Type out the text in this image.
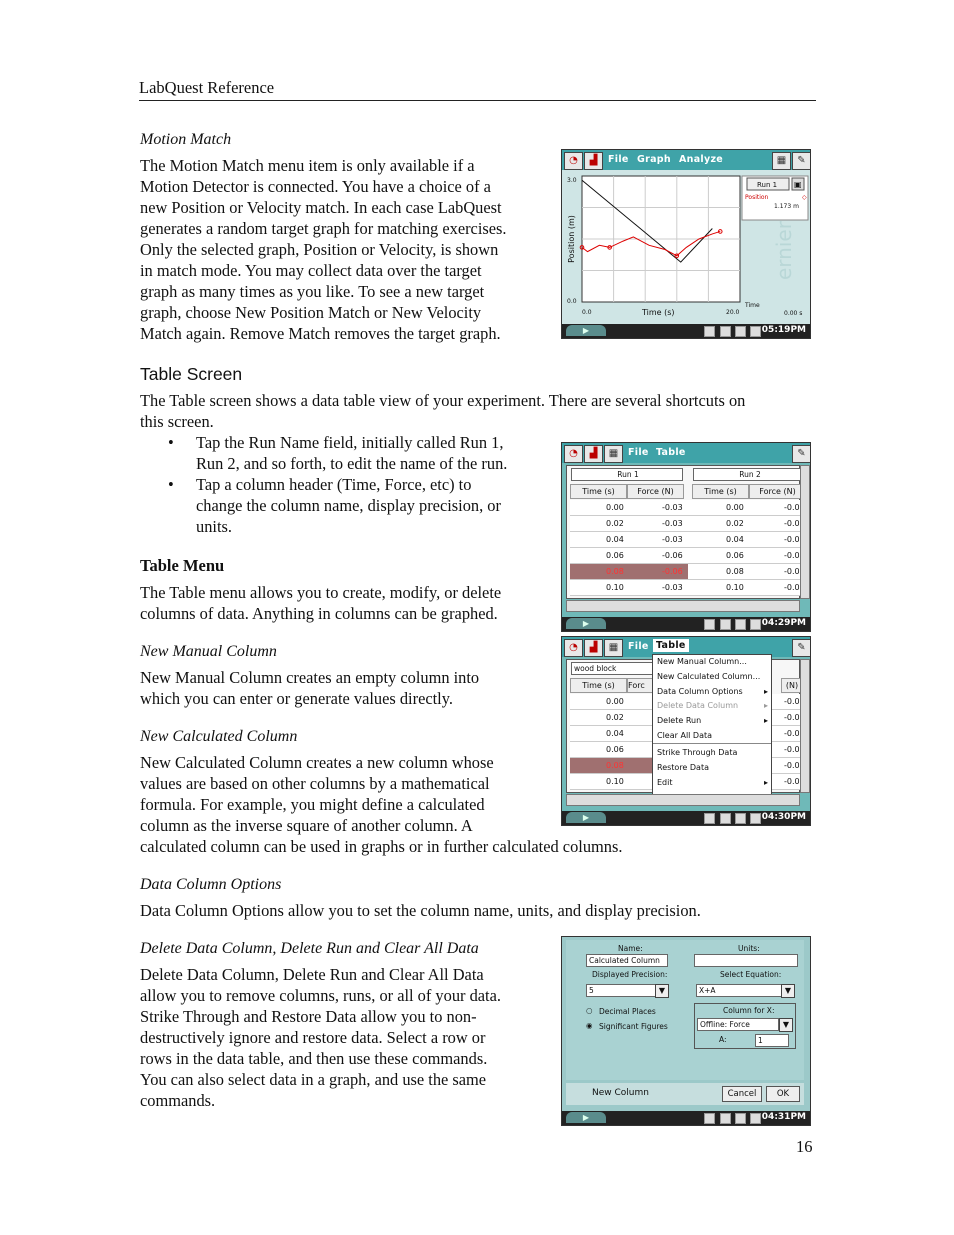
LabQuest Reference
Motion Match
The Motion Match menu item is only available if a
Motion Detector is connected. You have a choice of a
new Position or Velocity match. In each case LabQuest
generates a random target graph for matching exercises.
Only the selected graph, Position or Velocity, is shown
in match mode. You may collect data over the target
graph as many times as you like. To see a new target
graph, choose New Position Match or New Velocity
Match again. Remove Match removes the target graph.
◔	▟	File Graph Analyze	▦	✎
Position (m)
3.0
0.0
0.0	20.0
Time (s)
Run 1 ▣
Position	◇
1.173 m
ernier
Time
0.00 s
▶	05:19PM
Table Screen
The Table screen shows a data table view of your experiment. There are several shortcuts on
this screen.
• Tap the Run Name field, initially called Run 1,
Run 2, and so forth, to edit the name of the run.
• Tap a column header (Time, Force, etc) to
change the column name, display precision, or
units.
Table Menu
The Table menu allows you to create, modify, or delete
columns of data. Anything in columns can be graphed.
◔	▟	▦	File Table	✎
Run 1	Run 2
Time (s)	Force (N)	Time (s)	Force (N)
0.00	-0.03	0.00	-0.0
0.02	-0.03	0.02	-0.0
0.04	-0.03	0.04	-0.0
0.06	-0.06	0.06	-0.0
0.08	-0.06	0.08	-0.0
0.10	-0.03	0.10	-0.0
▶	04:29PM
New Manual Column
New Manual Column creates an empty column into
which you can enter or generate values directly.
New Calculated Column
New Calculated Column creates a new column whose
values are based on other columns by a mathematical
formula. For example, you might define a calculated
column as the inverse square of another column. A
calculated column can be used in graphs or in further calculated columns.
◔	▟	▦	File Table	✎
wood block
Time (s)	Forc	(N)
0.00	-0.0
0.02	-0.0
0.04	-0.0
0.06	-0.0
0.08	-0.0
0.10	-0.0
New Manual Column...
New Calculated Column...
Data Column Options	▸
Delete Data Column	▸
Delete Run	▸
Clear All Data
Strike Through Data
Restore Data
Edit	▸
▶	04:30PM
Data Column Options
Data Column Options allow you to set the column name, units, and display precision.
Delete Data Column, Delete Run and Clear All Data
Delete Data Column, Delete Run and Clear All Data
allow you to remove columns, runs, or all of your data.
Strike Through and Restore Data allow you to non-
destructively ignore and restore data. Select a row or
rows in the data table, and then use these commands.
You can also select data in a graph, and use the same
commands.
Name:
Calculated Column
Units:
Displayed Precision:
5	▼
Select Equation:
X+A	▼
○ Decimal Places
◉ Significant Figures
Column for X:
Offline: Force	▼
A:	1
New Column	Cancel	OK
▶	04:31PM
16
